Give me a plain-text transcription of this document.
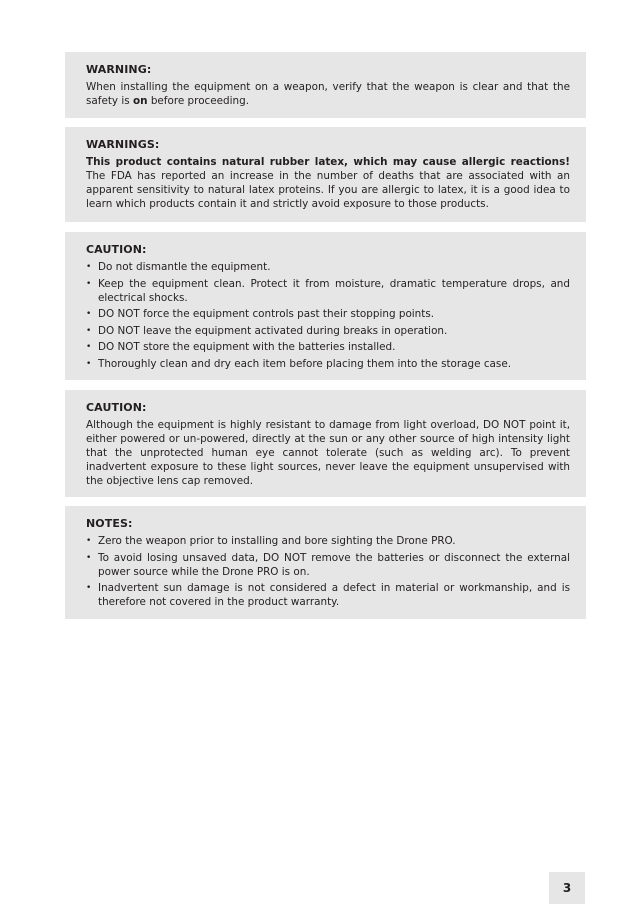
WARNING:

When installing the equipment on a weapon, verify that the weapon is clear and that the safety is on before proceeding.

WARNINGS:

This product contains natural rubber latex, which may cause allergic reactions! The FDA has reported an increase in the number of deaths that are associated with an apparent sensitivity to natural latex proteins. If you are allergic to latex, it is a good idea to learn which products contain it and strictly avoid exposure to those products.

CAUTION:
• Do not dismantle the equipment.
• Keep the equipment clean. Protect it from moisture, dramatic temperature drops, and electrical shocks.
• DO NOT force the equipment controls past their stopping points.
• DO NOT leave the equipment activated during breaks in operation.
• DO NOT store the equipment with the batteries installed.
• Thoroughly clean and dry each item before placing them into the storage case.
CAUTION:

Although the equipment is highly resistant to damage from light overload, DO NOT point it, either powered or un-powered, directly at the sun or any other source of high intensity light that the unprotected human eye cannot tolerate (such as welding arc). To prevent inadvertent exposure to these light sources, never leave the equipment unsupervised with the objective lens cap removed.

NOTES:
• Zero the weapon prior to installing and bore sighting the Drone PRO.
• To avoid losing unsaved data, DO NOT remove the batteries or disconnect the external power source while the Drone PRO is on.
• Inadvertent sun damage is not considered a defect in material or workmanship, and is therefore not covered in the product warranty.
3
